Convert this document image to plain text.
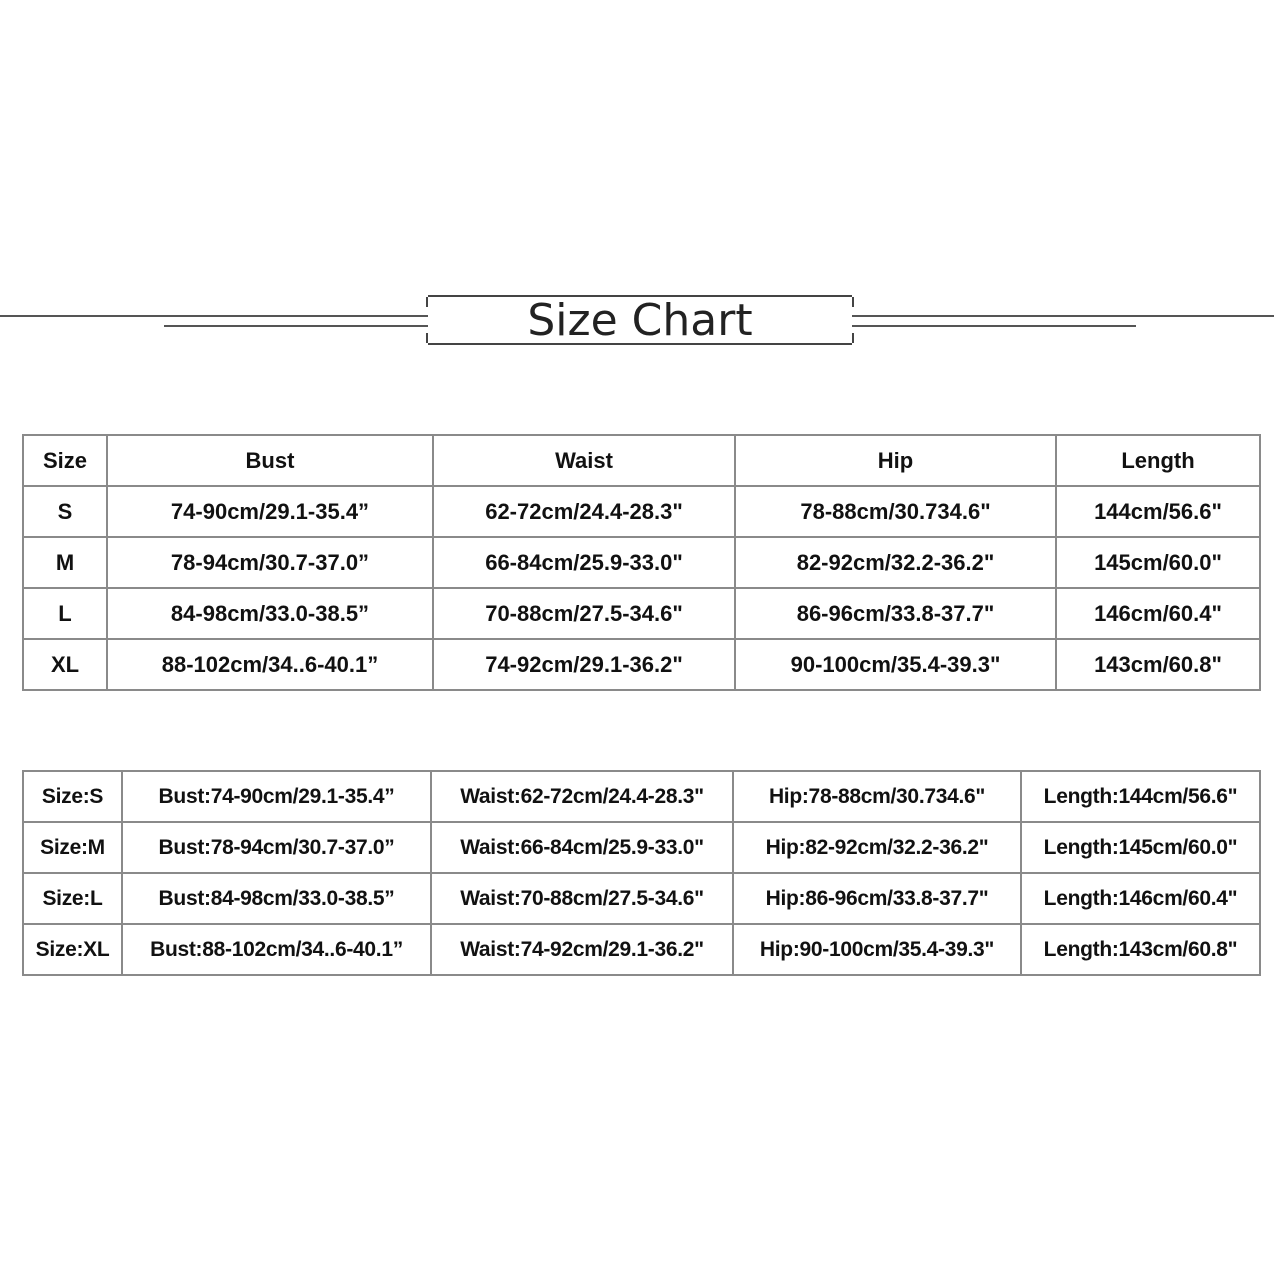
Size Chart
Size	Bust	Waist	Hip	Length
S	74-90cm/29.1-35.4”	62-72cm/24.4-28.3"	78-88cm/30.734.6"	144cm/56.6"
M	78-94cm/30.7-37.0”	66-84cm/25.9-33.0"	82-92cm/32.2-36.2"	145cm/60.0"
L	84-98cm/33.0-38.5”	70-88cm/27.5-34.6"	86-96cm/33.8-37.7"	146cm/60.4"
XL	88-102cm/34..6-40.1”	74-92cm/29.1-36.2"	90-100cm/35.4-39.3"	143cm/60.8"
Size:S	Bust:74-90cm/29.1-35.4”	Waist:62-72cm/24.4-28.3"	Hip:78-88cm/30.734.6"	Length:144cm/56.6"
Size:M	Bust:78-94cm/30.7-37.0”	Waist:66-84cm/25.9-33.0"	Hip:82-92cm/32.2-36.2"	Length:145cm/60.0"
Size:L	Bust:84-98cm/33.0-38.5”	Waist:70-88cm/27.5-34.6"	Hip:86-96cm/33.8-37.7"	Length:146cm/60.4"
Size:XL	Bust:88-102cm/34..6-40.1”	Waist:74-92cm/29.1-36.2"	Hip:90-100cm/35.4-39.3"	Length:143cm/60.8"
